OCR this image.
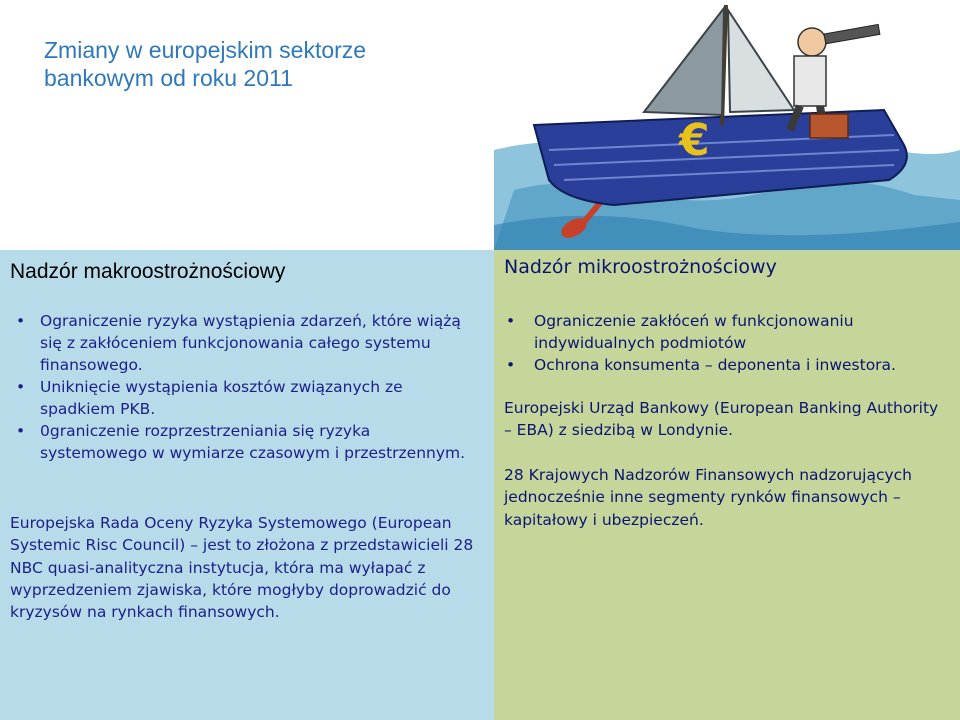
Zmiany w europejskim sektorze bankowym od roku 2011
€
Nadzór makroostrożnościowy
• Ograniczenie ryzyka wystąpienia zdarzeń, które wiążą się z zakłóceniem funkcjonowania całego systemu finansowego.
• Uniknięcie wystąpienia kosztów związanych ze spadkiem PKB.
• 0graniczenie rozprzestrzeniania się ryzyka systemowego w wymiarze czasowym i przestrzennym.
Europejska Rada Oceny Ryzyka Systemowego (European Systemic Risc Council) – jest to złożona z przedstawicieli 28 NBC quasi-analityczna instytucja, która ma wyłapać z wyprzedzeniem zjawiska, które mogłyby doprowadzić do kryzysów na rynkach finansowych.
Nadzór mikroostrożnościowy
• Ograniczenie zakłóceń w funkcjonowaniu indywidualnych podmiotów
• Ochrona konsumenta – deponenta i inwestora.
Europejski Urząd Bankowy (European Banking Authority – EBA) z siedzibą w Londynie.
28 Krajowych Nadzorów Finansowych nadzorujących jednocześnie inne segmenty rynków finansowych – kapitałowy i ubezpieczeń.
